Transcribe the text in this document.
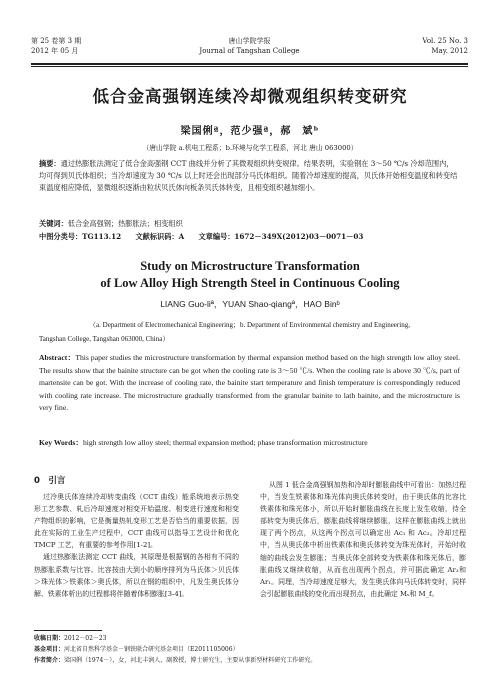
第 25 卷第 3 期
2012 年 05 月
唐山学院学报
Journal of Tangshan College
Vol. 25 No. 3
May. 2012
低合金高强钢连续冷却微观组织转变研究
梁国俐ª，范少强ª，郝　斌ᵇ
（唐山学院 a.机电工程系；b.环境与化学工程系，河北 唐山 063000）
摘要：通过热膨胀法测定了低合金高强钢 CCT 曲线并分析了其微观组织转变规律。结果表明，实验钢在 3～50 ℃/s 冷却范围内，均可得到贝氏体组织；当冷却速度为 30 ℃/s 以上时还会出现部分马氏体组织。随着冷却速度的提高，贝氏体开始相变温度和转变结束温度相应降低，显微组织逐渐由粒状贝氏体向板条贝氏体转变，且相变组织越加细小。
关键词：低合金高强钢；热膨胀法；相变组织
中图分类号：TG113.12 文献标识码：A 文章编号：1672－349X(2012)03－0071－03
Study on Microstructure Transformation
of Low Alloy High Strength Steel in Continuous Cooling
LIANG Guo-liª，YUAN Shao-qiangª，HAO Binᵇ
（a. Department of Electromechanical Engineering；b. Department of Environmental chemistry and Engineering,
Tangshan College, Tangshan 063000, China）
Abstract：This paper studies the microstructure transformation by thermal expansion method based on the high strength low alloy steel. The results show that the bainite structure can be got when the cooling rate is 3～50 ℃/s. When the cooling rate is above 30 ℃/s, part of martensite can be got. With the increase of cooling rate, the bainite start temperature and finish temperature is correspondingly reduced with cooling rate increase. The microstructure gradually transformed from the granular bainite to lath bainite, and the microstructure is very fine.
Key Words：high strength low alloy steel; thermal expansion method; phase transformation microstructure
0　引言

过冷奥氏体连续冷却转变曲线（CCT 曲线）能系统地表示热变形工艺参数、轧后冷却速度对相变开始温度、相变进行速度和相变产物组织的影响，它是衡量热轧变形工艺是否恰当的重要依据，因此在实际的工业生产过程中，CCT 曲线可以指导工艺设计和优化 TMCP 工艺，有重要的参考作用[1-2]。

通过热膨胀法测定 CCT 曲线，其原理是根据钢的各相有不同的热膨胀系数与比容。比容按由大到小的顺序排列为马氏体＞贝氏体＞珠光体＞铁素体＞奥氏体，所以在钢的组织中，凡发生奥氏体分解、铁素体析出的过程都将伴随着体积膨胀[3-4]。

从图 1 低合金高强钢加热和冷却时膨胀曲线中可看出：加热过程中，当发生铁素体和珠光体向奥氏体转变时，由于奥氏体的比容比铁素体和珠光体小，所以开始时膨胀曲线在长度上发生收缩，待全部转变为奥氏体后，膨胀曲线将继续膨胀，这样在膨胀曲线上就出现了两个拐点，从这两个拐点可以确定出 Ac₁ 和 Ac₃。冷却过程中，当从奥氏体中析出铁素体和奥氏体转变为珠光体时，开始时收缩的曲线会发生膨胀；当奥氏体全部转变为铁素体和珠光体后，膨胀曲线又继续收缩，从而也出现两个拐点，并可据此确定 Ar₃和 Ar₁。同理，当冷却速度足够大，发生奥氏体向马氏体转变时，同样会引起膨胀曲线的变化而出现拐点，由此确定 Mₛ和 M_f。

收稿日期：2012－02－23
基金项目：河北省自然科学基金－钢铁联合研究基金项目（E2011105006）
作者简介：梁国俐（1974－），女，河北丰润人，副教授，博士研究生，主要从事新型材料研究工作研究。
